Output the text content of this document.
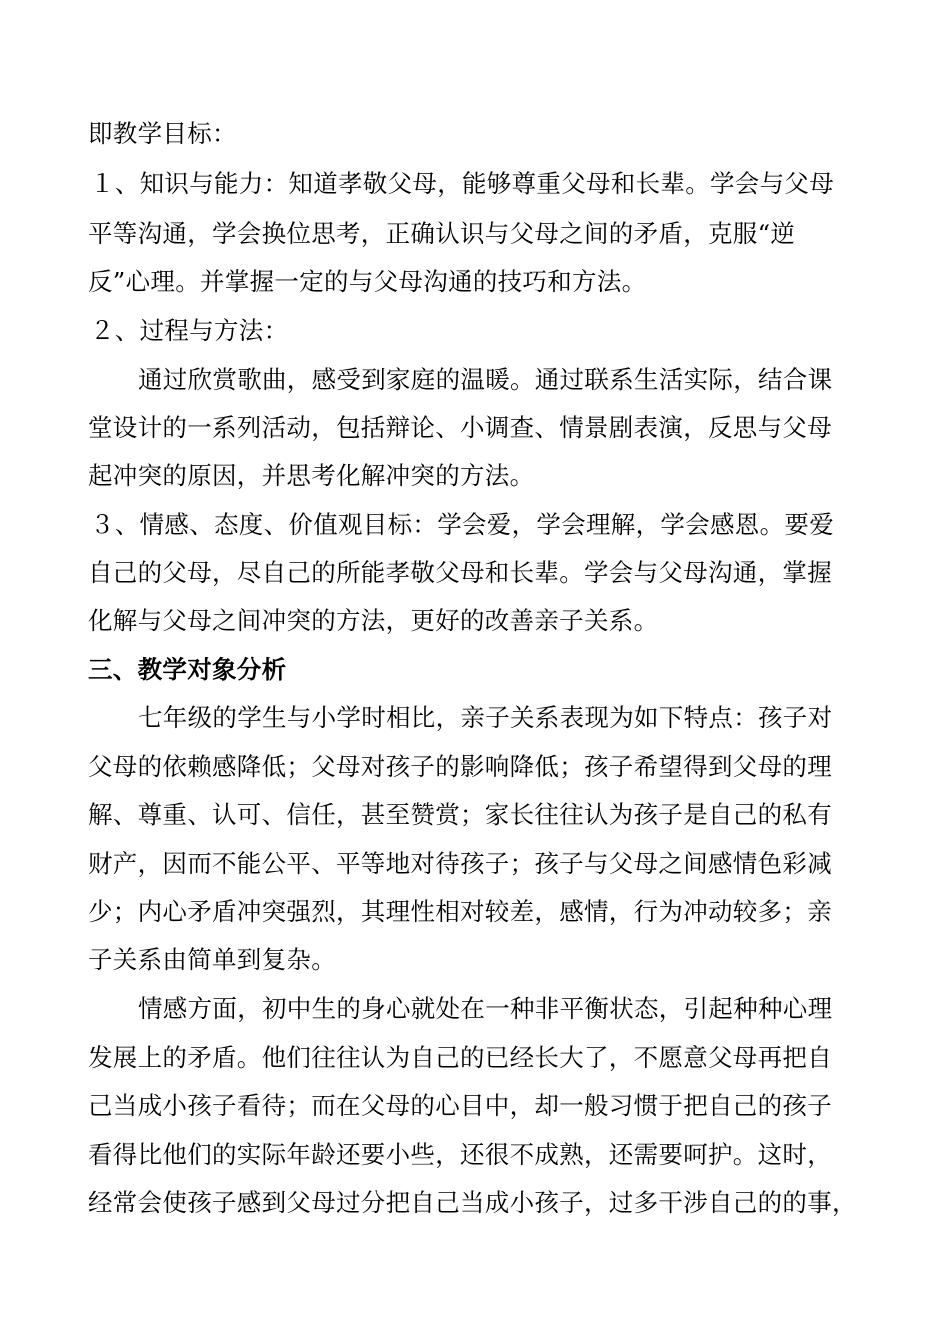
即教学目标：

１、知识与能力：知道孝敬父母，能够尊重父母和长辈。学会与父母

平等沟通，学会换位思考，正确认识与父母之间的矛盾，克服“逆

反”心理。并掌握一定的与父母沟通的技巧和方法。

２、过程与方法：

通过欣赏歌曲，感受到家庭的温暖。通过联系生活实际，结合课

堂设计的一系列活动，包括辩论、小调查、情景剧表演，反思与父母

起冲突的原因，并思考化解冲突的方法。

３、情感、态度、价值观目标：学会爱，学会理解，学会感恩。要爱

自己的父母，尽自己的所能孝敬父母和长辈。学会与父母沟通，掌握

化解与父母之间冲突的方法，更好的改善亲子关系。

三、教学对象分析

七年级的学生与小学时相比，亲子关系表现为如下特点：孩子对

父母的依赖感降低；父母对孩子的影响降低；孩子希望得到父母的理

解、尊重、认可、信任，甚至赞赏；家长往往认为孩子是自己的私有

财产，因而不能公平、平等地对待孩子；孩子与父母之间感情色彩减

少；内心矛盾冲突强烈，其理性相对较差，感情，行为冲动较多；亲

子关系由简单到复杂。

情感方面，初中生的身心就处在一种非平衡状态，引起种种心理

发展上的矛盾。他们往往认为自己的已经长大了，不愿意父母再把自

己当成小孩子看待；而在父母的心目中，却一般习惯于把自己的孩子

看得比他们的实际年龄还要小些，还很不成熟，还需要呵护。这时，

经常会使孩子感到父母过分把自己当成小孩子，过多干涉自己的的事，
